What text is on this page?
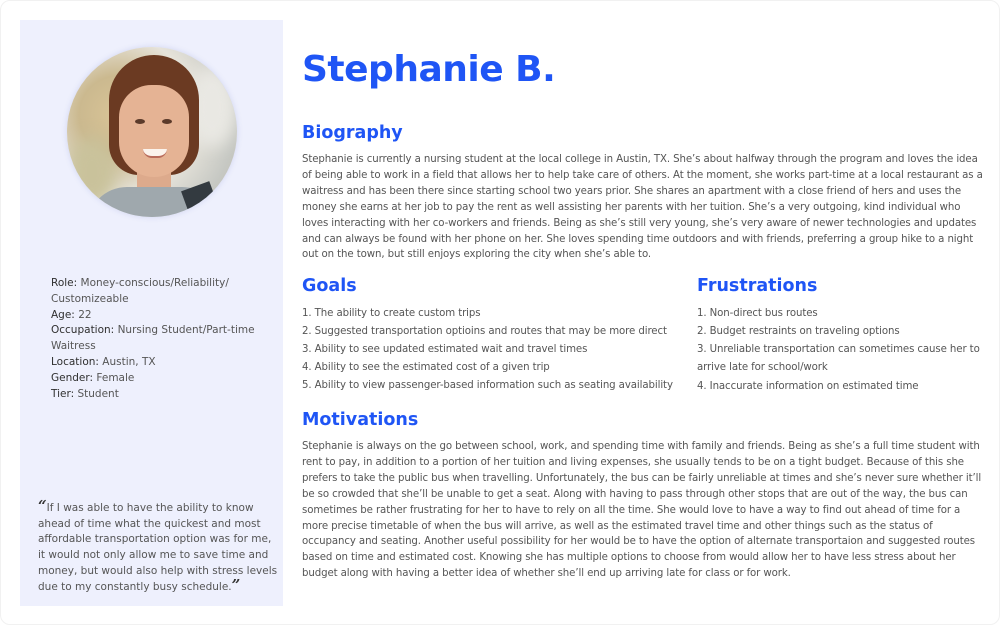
Role: Money-conscious/Reliability/ Customizeable
Age: 22
Occupation: Nursing Student/Part-time Waitress
Location: Austin, TX
Gender: Female
Tier: Student
“If I was able to have the ability to know ahead of time what the quickest and most affordable transportation option was for me, it would not only allow me to save time and money, but would also help with stress levels due to my constantly busy schedule.”
Stephanie B.
Biography

Stephanie is currently a nursing student at the local college in Austin, TX. She’s about halfway through the program and loves the idea of being able to work in a field that allows her to help take care of others. At the moment, she works part-time at a local restaurant as a waitress and has been there since starting school two years prior. She shares an apartment with a close friend of hers and uses the money she earns at her job to pay the rent as well assisting her parents with her tuition. She’s a very outgoing, kind individual who loves interacting with her co-workers and friends. Being as she’s still very young, she’s very aware of newer technologies and updates and can always be found with her phone on her. She loves spending time outdoors and with friends, preferring a group hike to a night out on the town, but still enjoys exploring the city when she’s able to.

Goals
1. The ability to create custom trips
2. Suggested transportation optioins and routes that may be more direct
3. Ability to see updated estimated wait and travel times
4. Ability to see the estimated cost of a given trip
5. Ability to view passenger-based information such as seating availability
Frustrations
1. Non-direct bus routes
2. Budget restraints on traveling options
3. Unreliable transportation can sometimes cause her to arrive late for school/work
4. Inaccurate information on estimated time
Motivations

Stephanie is always on the go between school, work, and spending time with family and friends. Being as she’s a full time student with rent to pay, in addition to a portion of her tuition and living expenses, she usually tends to be on a tight budget. Because of this she prefers to take the public bus when travelling. Unfortunately, the bus can be fairly unreliable at times and she’s never sure whether it’ll be so crowded that she’ll be unable to get a seat. Along with having to pass through other stops that are out of the way, the bus can sometimes be rather frustrating for her to have to rely on all the time. She would love to have a way to find out ahead of time for a more precise timetable of when the bus will arrive, as well as the estimated travel time and other things such as the status of occupancy and seating. Another useful possibility for her would be to have the option of alternate transportaion and suggested routes based on time and estimated cost. Knowing she has multiple options to choose from would allow her to have less stress about her budget along with having a better idea of whether she’ll end up arriving late for class or for work.
